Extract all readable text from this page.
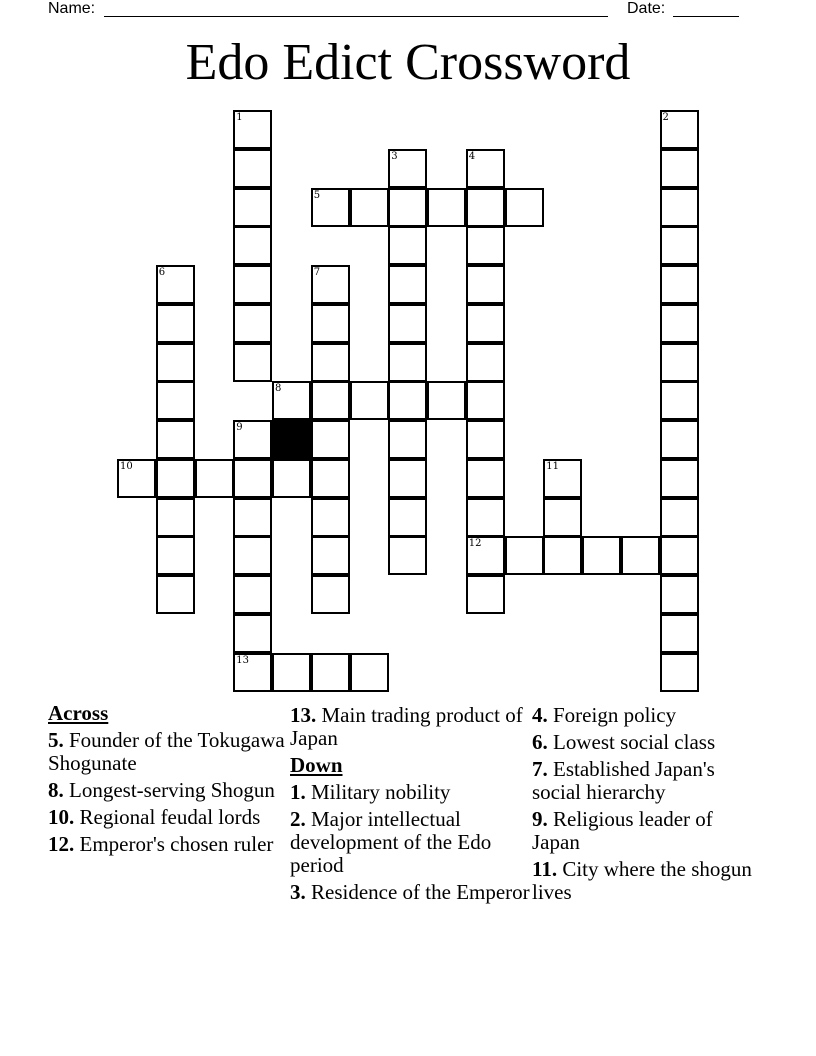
Name:	Date:
Edo Edict Crossword
1	2
3	4
5
6	7
8
9
10	11
12
13
Across
5. Founder of the Tokugawa Shogunate
8. Longest-serving Shogun
10. Regional feudal lords
12. Emperor's chosen ruler
13. Main trading product of Japan
Down
1. Military nobility
2. Major intellectual development of the Edo period
3. Residence of the Emperor
4. Foreign policy
6. Lowest social class
7. Established Japan's social hierarchy
9. Religious leader of Japan
11. City where the shogun lives
